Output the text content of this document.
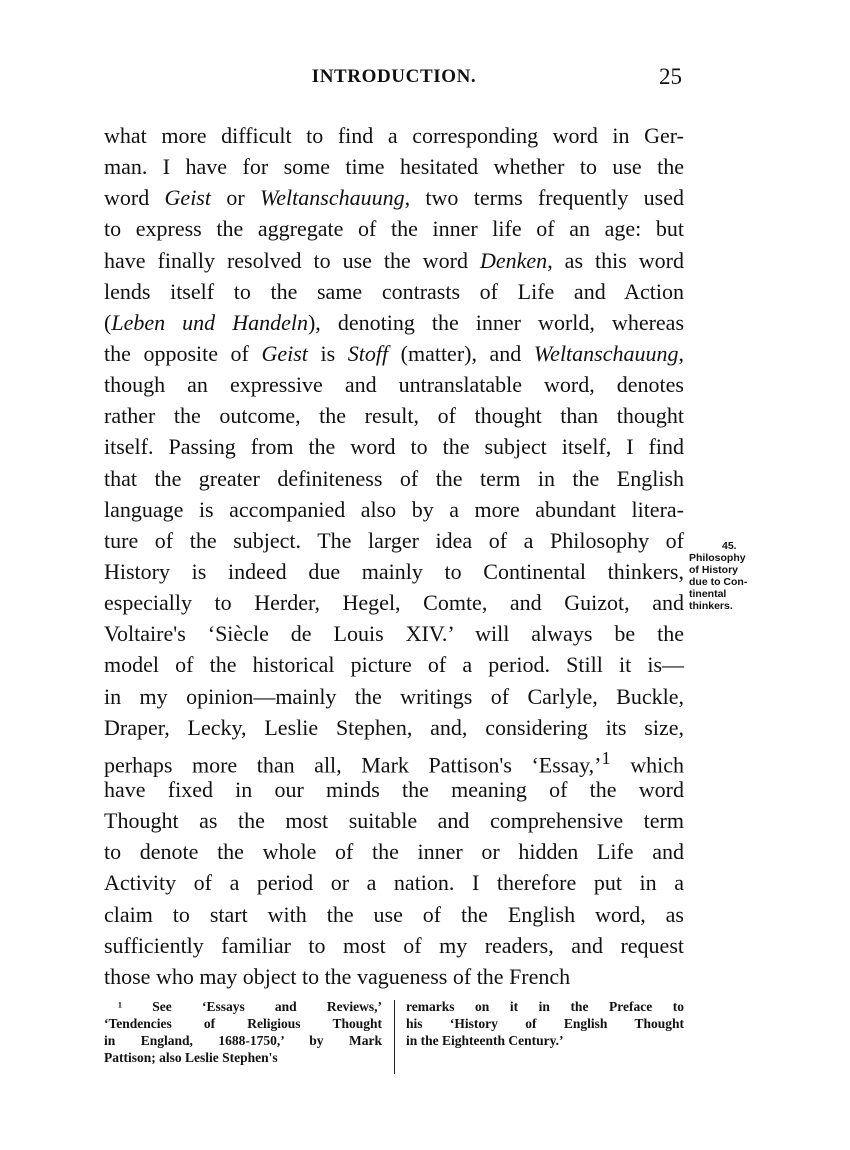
INTRODUCTION.	25
what more difficult to find a corresponding word in Ger-
man. I have for some time hesitated whether to use the
word Geist or Weltanschauung, two terms frequently used
to express the aggregate of the inner life of an age: but
have finally resolved to use the word Denken, as this word
lends itself to the same contrasts of Life and Action
(Leben und Handeln), denoting the inner world, whereas
the opposite of Geist is Stoff (matter), and Weltanschauung,
though an expressive and untranslatable word, denotes
rather the outcome, the result, of thought than thought
itself. Passing from the word to the subject itself, I find
that the greater definiteness of the term in the English
language is accompanied also by a more abundant litera-
ture of the subject. The larger idea of a Philosophy of
History is indeed due mainly to Continental thinkers,
especially to Herder, Hegel, Comte, and Guizot, and
Voltaire's ‘Siècle de Louis XIV.’ will always be the
model of the historical picture of a period. Still it is—
in my opinion—mainly the writings of Carlyle, Buckle,
Draper, Lecky, Leslie Stephen, and, considering its size,
perhaps more than all, Mark Pattison's ‘Essay,’$^1$ which
have fixed in our minds the meaning of the word
Thought as the most suitable and comprehensive term
to denote the whole of the inner or hidden Life and
Activity of a period or a nation. I therefore put in a
claim to start with the use of the English word, as
sufficiently familiar to most of my readers, and request
those who may object to the vagueness of the French
45.
Philosophy
of History
due to Con-
tinental
thinkers.
¹ See ‘Essays and Reviews,’
‘Tendencies of Religious Thought
in England, 1688-1750,’ by Mark
Pattison; also Leslie Stephen's
remarks on it in the Preface to
his ‘History of English Thought
in the Eighteenth Century.’
